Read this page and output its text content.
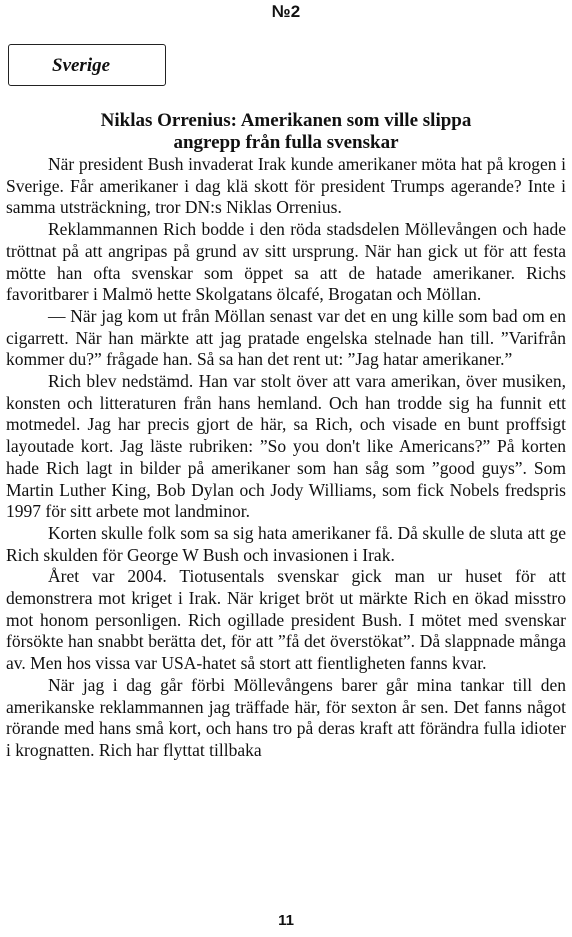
№2
Sverige
Niklas Orrenius: Amerikanen som ville slippa
angrepp från fulla svenskar

När president Bush invaderat Irak kunde amerikaner möta hat på krogen i Sverige. Får amerikaner i dag klä skott för president Trumps agerande? Inte i samma utsträckning, tror DN:s Niklas Orrenius.

Reklammannen Rich bodde i den röda stadsdelen Möllevången och hade tröttnat på att angripas på grund av sitt ursprung. När han gick ut för att festa mötte han ofta svenskar som öppet sa att de hatade amerikaner. Richs favoritbarer i Malmö hette Skolgatans ölcafé, Brogatan och Möllan.

— När jag kom ut från Möllan senast var det en ung kille som bad om en cigarrett. När han märkte att jag pratade engelska stelnade han till. ”Varifrån kommer du?” frågade han. Så sa han det rent ut: ”Jag hatar amerikaner.”

Rich blev nedstämd. Han var stolt över att vara amerikan, över musiken, konsten och litteraturen från hans hemland. Och han trodde sig ha funnit ett motmedel. Jag har precis gjort de här, sa Rich, och visade en bunt proffsigt layoutade kort. Jag läste rubriken: ”So you don't like Americans?” På korten hade Rich lagt in bilder på amerikaner som han såg som ”good guys”. Som Martin Luther King, Bob Dylan och Jody Williams, som fick Nobels fredspris 1997 för sitt arbete mot landminor.

Korten skulle folk som sa sig hata amerikaner få. Då skulle de sluta att ge Rich skulden för George W Bush och invasionen i Irak.

Året var 2004. Tiotusentals svenskar gick man ur huset för att demonstrera mot kriget i Irak. När kriget bröt ut märkte Rich en ökad misstro mot honom personligen. Rich ogillade president Bush. I mötet med svenskar försökte han snabbt berätta det, för att ”få det överstökat”. Då slappnade många av. Men hos vissa var USA-hatet så stort att fientligheten fanns kvar.

När jag i dag går förbi Möllevångens barer går mina tankar till den amerikanske reklammannen jag träffade här, för sexton år sen. Det fanns något rörande med hans små kort, och hans tro på deras kraft att förändra fulla idioter i krognatten. Rich har flyttat tillbaka

11
